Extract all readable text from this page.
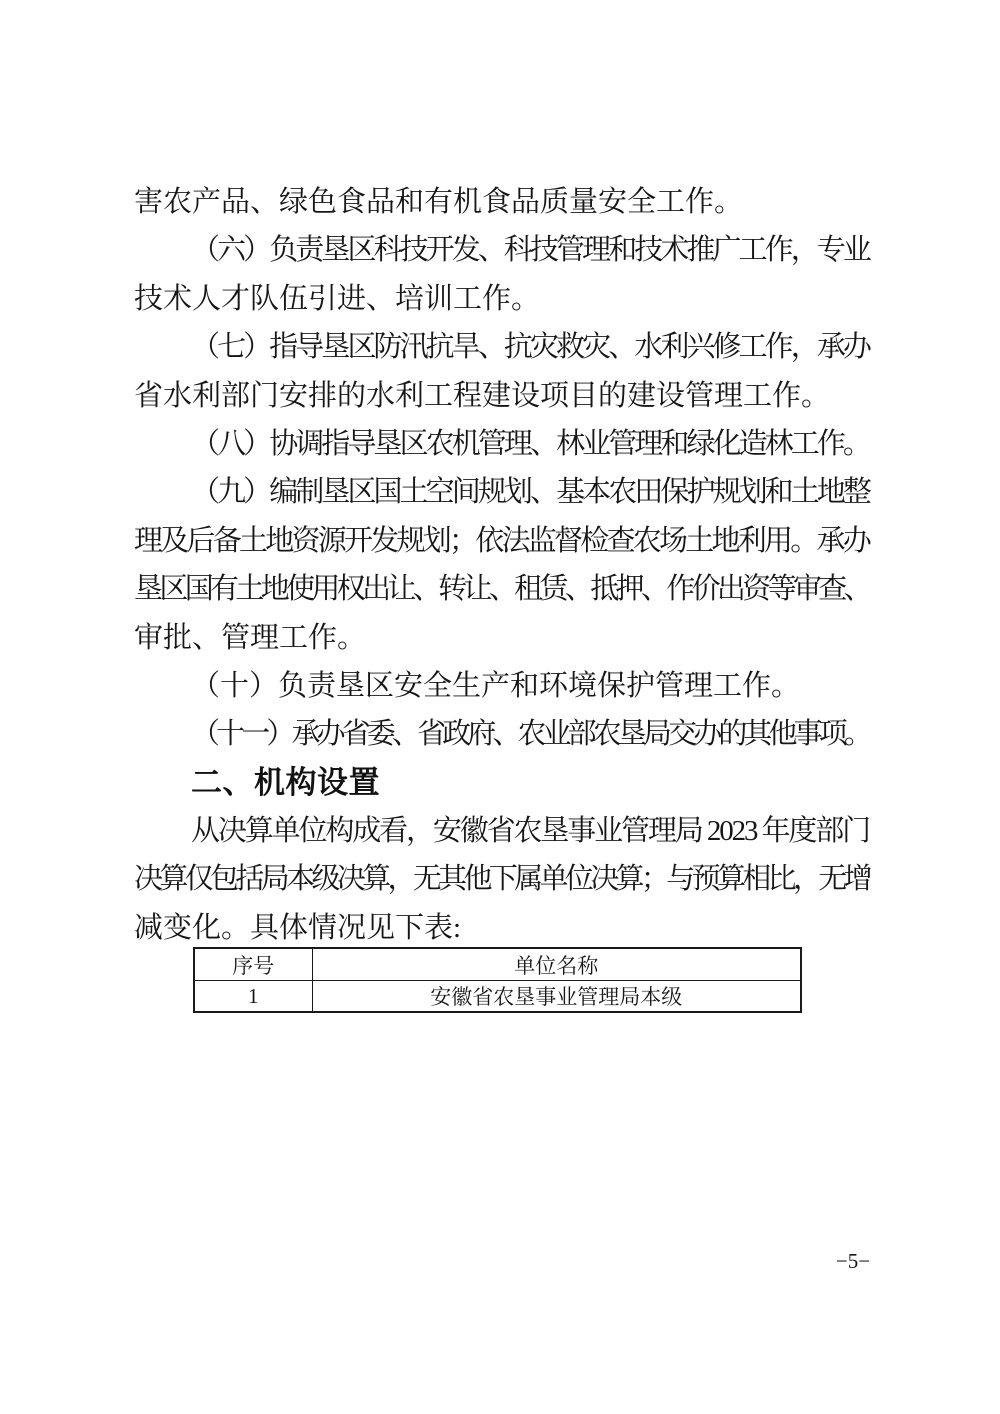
害农产品、绿色食品和有机食品质量安全工作。
（六）负责垦区科技开发、科技管理和技术推广工作，专业
技术人才队伍引进、培训工作。
（七）指导垦区防汛抗旱、抗灾救灾、水利兴修工作，承办
省水利部门安排的水利工程建设项目的建设管理工作。
（八）协调指导垦区农机管理、林业管理和绿化造林工作。
（九）编制垦区国土空间规划、基本农田保护规划和土地整
理及后备土地资源开发规划；依法监督检查农场土地利用。承办
垦区国有土地使用权出让、转让、租赁、抵押、作价出资等审查、
审批、管理工作。
（十）负责垦区安全生产和环境保护管理工作。
（十一）承办省委、省政府、农业部农垦局交办的其他事项。
二、机构设置
从决算单位构成看，安徽省农垦事业管理局 2023 年度部门
决算仅包括局本级决算，无其他下属单位决算；与预算相比，无增
减变化。具体情况见下表:
序号	单位名称
1	安徽省农垦事业管理局本级
−5−
